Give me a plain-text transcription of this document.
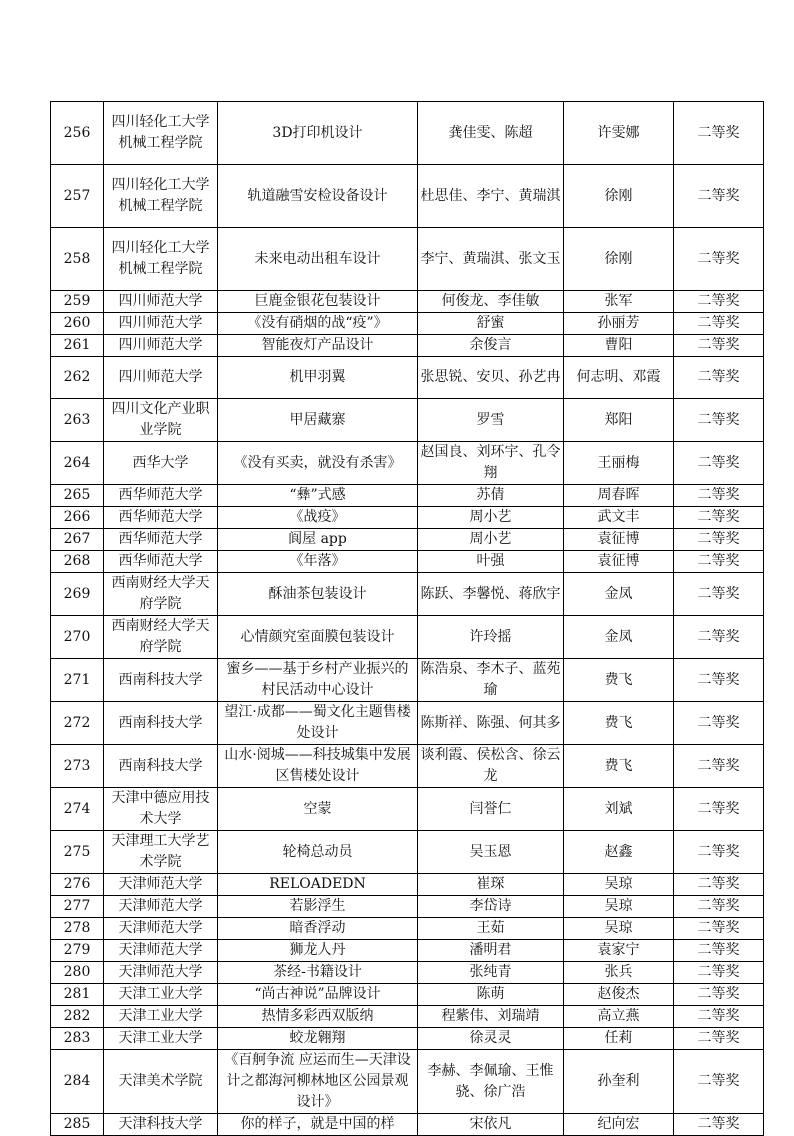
256	四川轻化工大学机械工程学院	3D打印机设计	龚佳雯、陈超	许雯娜	二等奖
257	四川轻化工大学机械工程学院	轨道融雪安检设备设计	杜思佳、李宁、黄瑞淇	徐刚	二等奖
258	四川轻化工大学机械工程学院	未来电动出租车设计	李宁、黄瑞淇、张文玉	徐刚	二等奖
259	四川师范大学	巨鹿金银花包装设计	何俊龙、李佳敏	张军	二等奖
260	四川师范大学	《没有硝烟的战“疫”》	舒蜜	孙丽芳	二等奖
261	四川师范大学	智能夜灯产品设计	余俊言	曹阳	二等奖
262	四川师范大学	机甲羽翼	张思锐、安贝、孙艺冉	何志明、邓霞	二等奖
263	四川文化产业职业学院	甲居藏寨	罗雪	郑阳	二等奖
264	西华大学	《没有买卖，就没有杀害》	赵国良、刘环宇、孔令翔	王丽梅	二等奖
265	西华师范大学	“彝”式感	苏倩	周春晖	二等奖
266	西华师范大学	《战疫》	周小艺	武文丰	二等奖
267	西华师范大学	阆屋 app	周小艺	袁征博	二等奖
268	西华师范大学	《年落》	叶强	袁征博	二等奖
269	西南财经大学天府学院	酥油茶包装设计	陈跃、李馨悦、蒋欣宇	金凤	二等奖
270	西南财经大学天府学院	心情颜究室面膜包装设计	许玲摇	金凤	二等奖
271	西南科技大学	蜜乡——基于乡村产业振兴的村民活动中心设计	陈浩泉、李木子、蓝苑瑜	费飞	二等奖
272	西南科技大学	望江·成都——蜀文化主题售楼处设计	陈斯祥、陈强、何其多	费飞	二等奖
273	西南科技大学	山水·阅城——科技城集中发展区售楼处设计	谈利霞、侯松含、徐云龙	费飞	二等奖
274	天津中德应用技术大学	空蒙	闫誉仁	刘斌	二等奖
275	天津理工大学艺术学院	轮椅总动员	吴玉恩	赵鑫	二等奖
276	天津师范大学	RELOADEDN	崔琛	吴琼	二等奖
277	天津师范大学	若影浮生	李岱诗	吴琼	二等奖
278	天津师范大学	暗香浮动	王茹	吴琼	二等奖
279	天津师范大学	狮龙人丹	潘明君	袁家宁	二等奖
280	天津师范大学	茶经-书籍设计	张纯青	张兵	二等奖
281	天津工业大学	“尚古神说”品牌设计	陈萌	赵俊杰	二等奖
282	天津工业大学	热情多彩西双版纳	程紫伟、刘瑞靖	高立燕	二等奖
283	天津工业大学	蛟龙翱翔	徐灵灵	任莉	二等奖
284	天津美术学院	《百舸争流 应运而生—天津设计之都海河柳林地区公园景观设计》	李赫、李佩瑜、王惟骁、徐广浩	孙奎利	二等奖
285	天津科技大学	你的样子，就是中国的样	宋依凡	纪向宏	二等奖
